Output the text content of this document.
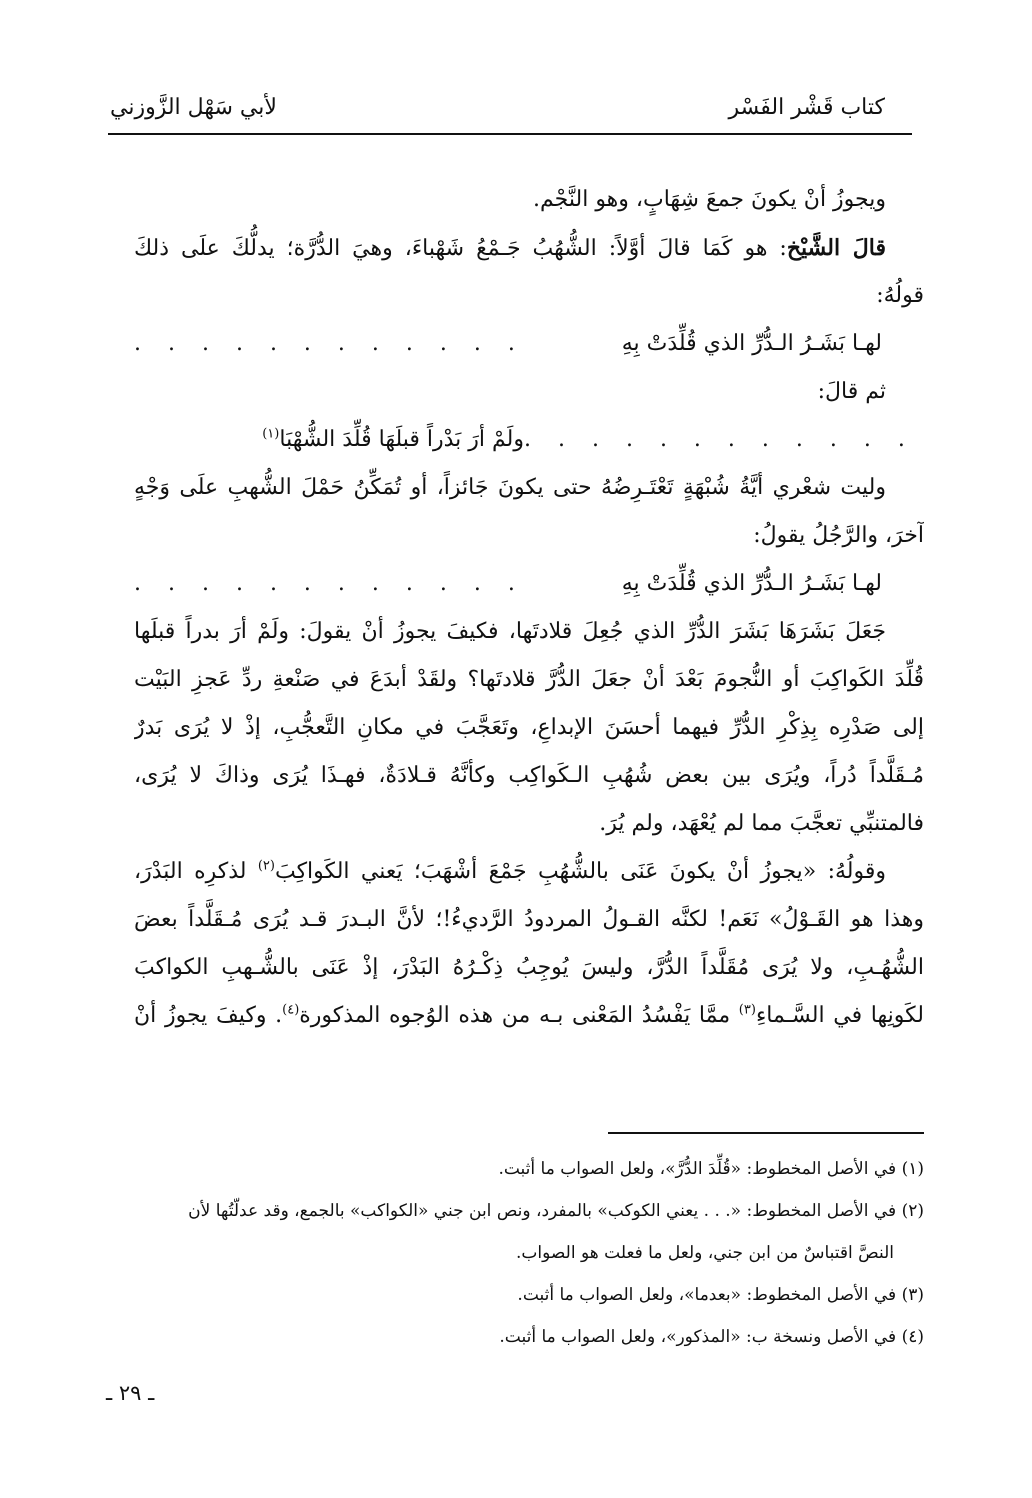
كتاب قَشْر الفَسْر
لأبي سَهْل الزَّوزني
ويجوزُ أنْ يكونَ جمعَ شِهَابٍ، وهو النَّجْم.
قالَ الشَّيْخ: هو كَمَا قالَ أوَّلاً: الشُّهُبُ جَـمْعُ شَهْباءَ، وهيَ الدُّرَّة؛ يدلُّكَ علَى ذلكَ
قولُهُ:
لهـا بَشَـرُ الـدُّرِّ الذي قُلِّدَتْ بِهِ
. . . . . . . . . . . .
ثم قالَ:
. . . . . . . . . . . .
ولَمْ أرَ بَدْراً قبلَهَا قُلِّدَ الشُّهْبَا$^{(١)}$
وليت شعْري أيَّةُ شُبْهَةٍ تَعْتَـرِضُهُ حتى يكونَ جَائزاً، أو تُمَكِّنُ حَمْلَ الشُّهبِ علَى وَجْهٍ
آخرَ، والرَّجُلُ يقولُ:
لهـا بَشَـرُ الـدُّرِّ الذي قُلِّدَتْ بِهِ
. . . . . . . . . . . .
جَعَلَ بَشَرَهَا بَشَرَ الدُّرِّ الذي جُعِلَ قلادتَها، فكيفَ يجوزُ أنْ يقولَ: ولَمْ أرَ بدراً قبلَها
قُلِّدَ الكَواكِبَ أو النُّجومَ بَعْدَ أنْ جعَلَ الدُّرَّ قلادتَها؟ ولقَدْ أبدَعَ في صَنْعةِ ردِّ عَجزِ البَيْت
إلى صَدْرِه بِذِكْرِ الدُّرِّ فيهما أحسَنَ الإبداعِ، وتَعَجَّبَ في مكانِ التَّعجُّبِ، إذْ لا يُرَى بَدرٌ
مُـقَلَّداً دُراً، ويُرَى بين بعض شُهُبِ الـكَواكِب وكأنَّهُ قـلادَةٌ، فهـذَا يُرَى وذاكَ لا يُرَى،
فالمتنبِّي تعجَّبَ مما لم يُعْهَد، ولم يُرَ.
وقولُهُ: «يجوزُ أنْ يكونَ عَنَى بالشُّهُبِ جَمْعَ أشْهَبَ؛ يَعني الكَواكِبَ$^{(٢)}$ لذكرِه البَدْرَ،
وهذا هو القَـوْلُ» نَعَم! لكنَّه القـولُ المردودُ الرَّديءُ!؛ لأنَّ البـدرَ قـد يُرَى مُـقَلَّداً بعضَ
الشُّهُـبِ، ولا يُرَى مُقَلَّداً الدُّرَّ، وليسَ يُوجِبُ ذِكْـرُهُ البَدْرَ، إذْ عَنَى بالشُّـهبِ الكواكبَ
لكَونِها في السَّـماءِ$^{(٣)}$ ممَّا يَفْسُدُ المَعْنى بـه من هذه الوُجوه المذكورة$^{(٤)}$. وكيفَ يجوزُ أنْ
(١) في الأصل المخطوط: «قُلِّدَ الدُّرَّ»، ولعل الصواب ما أثبت.
(٢) في الأصل المخطوط: «. . . يعني الكوكب» بالمفرد، ونص ابن جني «الكواكب» بالجمع، وقد عدلّتُها لأن
النصَّ اقتباسٌ من ابن جني، ولعل ما فعلت هو الصواب.
(٣) في الأصل المخطوط: «بعدما»، ولعل الصواب ما أثبت.
(٤) في الأصل ونسخة ب: «المذكور»، ولعل الصواب ما أثبت.
ـ ٢٩ ـ
